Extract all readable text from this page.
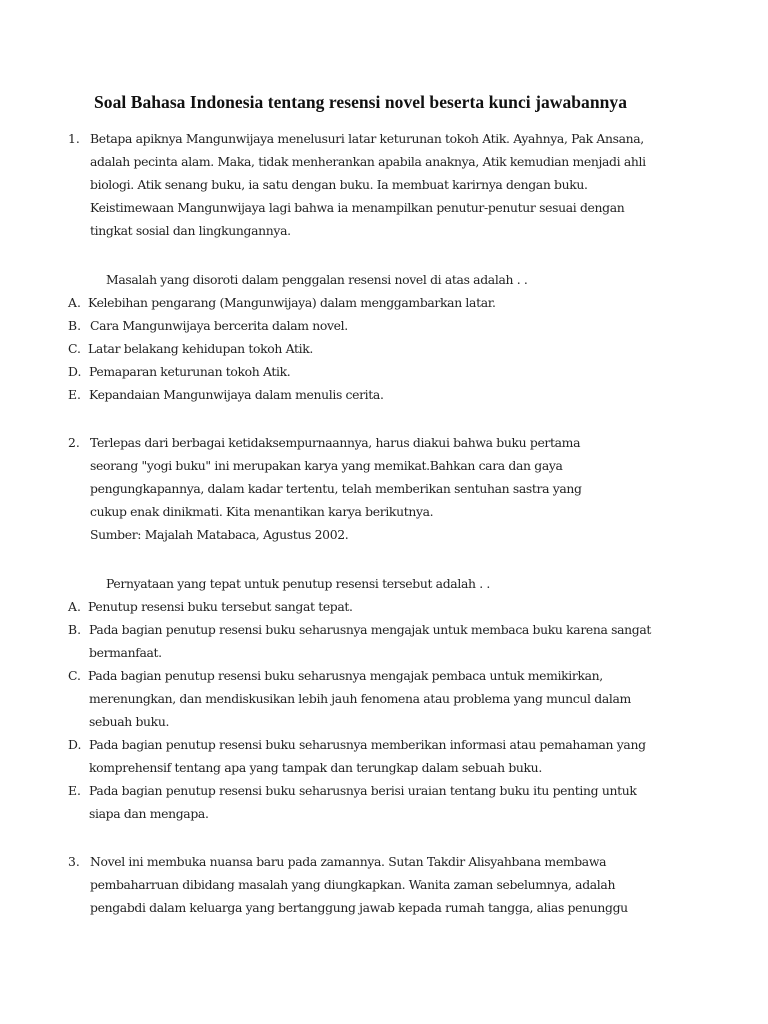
Soal Bahasa Indonesia tentang resensi novel beserta kunci jawabannya
1. Betapa apiknya Mangunwijaya menelusuri latar keturunan tokoh Atik. Ayahnya, Pak Ansana,
adalah pecinta alam. Maka, tidak menherankan apabila anaknya, Atik kemudian menjadi ahli
biologi. Atik senang buku, ia satu dengan buku. Ia membuat karirnya dengan buku.
Keistimewaan Mangunwijaya lagi bahwa ia menampilkan penutur-penutur sesuai dengan
tingkat sosial dan lingkungannya.
Masalah yang disoroti dalam penggalan resensi novel di atas adalah . .
A. Kelebihan pengarang (Mangunwijaya) dalam menggambarkan latar.
B. Cara Mangunwijaya bercerita dalam novel.
C. Latar belakang kehidupan tokoh Atik.
D. Pemaparan keturunan tokoh Atik.
E. Kepandaian Mangunwijaya dalam menulis cerita.
2. Terlepas dari berbagai ketidaksempurnaannya, harus diakui bahwa buku pertama
seorang "yogi buku" ini merupakan karya yang memikat.Bahkan cara dan gaya
pengungkapannya, dalam kadar tertentu, telah memberikan sentuhan sastra yang
cukup enak dinikmati. Kita menantikan karya berikutnya.
Sumber: Majalah Matabaca, Agustus 2002.
Pernyataan yang tepat untuk penutup resensi tersebut adalah . .
A. Penutup resensi buku tersebut sangat tepat.
B. Pada bagian penutup resensi buku seharusnya mengajak untuk membaca buku karena sangat
bermanfaat.
C. Pada bagian penutup resensi buku seharusnya mengajak pembaca untuk memikirkan,
merenungkan, dan mendiskusikan lebih jauh fenomena atau problema yang muncul dalam
sebuah buku.
D. Pada bagian penutup resensi buku seharusnya memberikan informasi atau pemahaman yang
komprehensif tentang apa yang tampak dan terungkap dalam sebuah buku.
E. Pada bagian penutup resensi buku seharusnya berisi uraian tentang buku itu penting untuk
siapa dan mengapa.
3. Novel ini membuka nuansa baru pada zamannya. Sutan Takdir Alisyahbana membawa
pembaharruan dibidang masalah yang diungkapkan. Wanita zaman sebelumnya, adalah
pengabdi dalam keluarga yang bertanggung jawab kepada rumah tangga, alias penunggu
